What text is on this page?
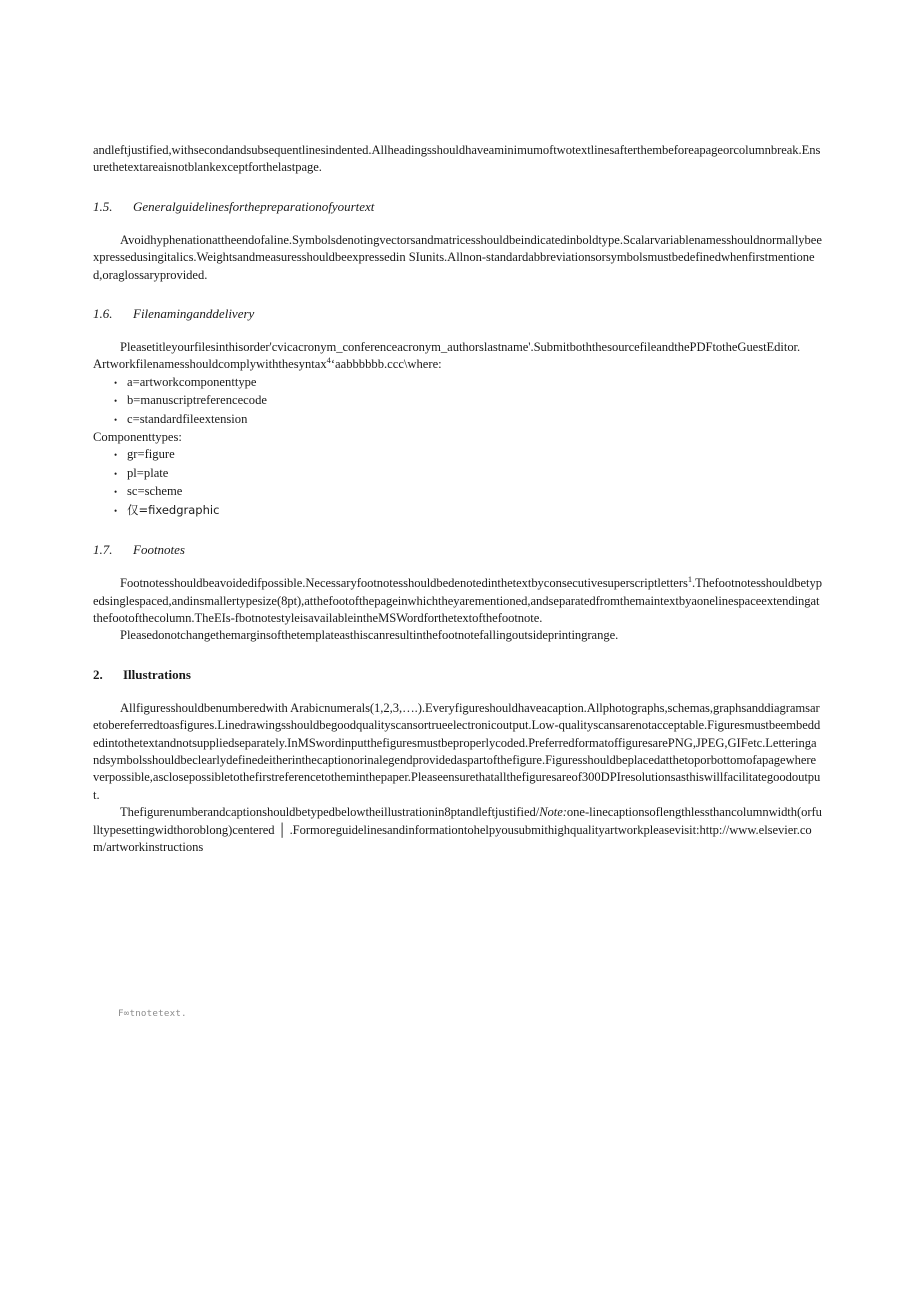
andleftjustified,withsecondandsubsequentlinesindented.Allheadingsshouldhaveaminimumoftwotextlinesafterthembeforeapageorcolumnbreak.Ensurethetextareaisnotblankexceptforthelastpage.

1.5.	Generalguidelinesforthepreparationofyourtext

Avoidhyphenationattheendofaline.Symbolsdenotingvectorsandmatricesshouldbeindicatedinboldtype.Scalarvariablenamesshouldnormallybeexpressedusingitalics.Weightsandmeasuresshouldbeexpressedin SIunits.Allnon-standardabbreviationsorsymbolsmustbedefinedwhenfirstmentioned,oraglossaryprovided.

1.6.	Filenaminganddelivery

Pleasetitleyourfilesinthisorder'cvicacronym_conferenceacronym_authorslastname'.SubmitboththesourcefileandthePDFtotheGuestEditor.

Artworkfilenamesshouldcomplywiththesyntax$^4$‘aabbbbbb.ccc\where:
• a=artworkcomponenttype
• b=manuscriptreferencecode
• c=standardfileextension
Componenttypes:
• gr=figure
• pl=plate
• sc=scheme
• 仅=fixedgraphic
1.7.	Footnotes

Footnotesshouldbeavoidedifpossible.Necessaryfootnotesshouldbedenotedinthetextbyconsecutivesuperscriptletters$^1$.Thefootnotesshouldbetypedsinglespaced,andinsmallertypesize(8pt),atthefootofthepageinwhichtheyarementioned,andseparatedfromthemaintextbyaonelinespaceextendingatthefootofthecolumn.TheEIs-fbotnotestyleisavailableintheMSWordforthetextofthefootnote.

Pleasedonotchangethemarginsofthetemplateasthiscanresultinthefootnotefallingoutsideprintingrange.

2.	Illustrations

Allfiguresshouldbenumberedwith Arabicnumerals(1,2,3,….).Everyfigureshouldhaveacaption.Allphotographs,schemas,graphsanddiagramsaretobereferredtoasfigures.Linedrawingsshouldbegoodqualityscansortrueelectronicoutput.Low-qualityscansarenotacceptable.Figuresmustbeembeddedintothetextandnotsuppliedseparately.InMSwordinputthefiguresmustbeproperlycoded.PreferredformatoffiguresarePNG,JPEG,GIFetc.Letteringandsymbolsshouldbeclearlydefinedeitherinthecaptionorinalegendprovidedaspartofthefigure.Figuresshouldbeplacedatthetoporbottomofapagewhereverpossible,asclosepossibletothefirstreferencetotheminthepaper.Pleaseensurethatallthefiguresareof300DPIresolutionsasthiswillfacilitategoodoutput.

Thefigurenumberandcaptionshouldbetypedbelowtheillustrationin8ptandleftjustified/Note:one-linecaptionsoflengthlessthancolumnwidth(orfulltypesettingwidthoroblong)centered │ .Formoreguidelinesandinformationtohelpyousubmithighqualityartworkpleasevisit:http://www.elsevier.com/artworkinstructions

F∞tnotetext.
